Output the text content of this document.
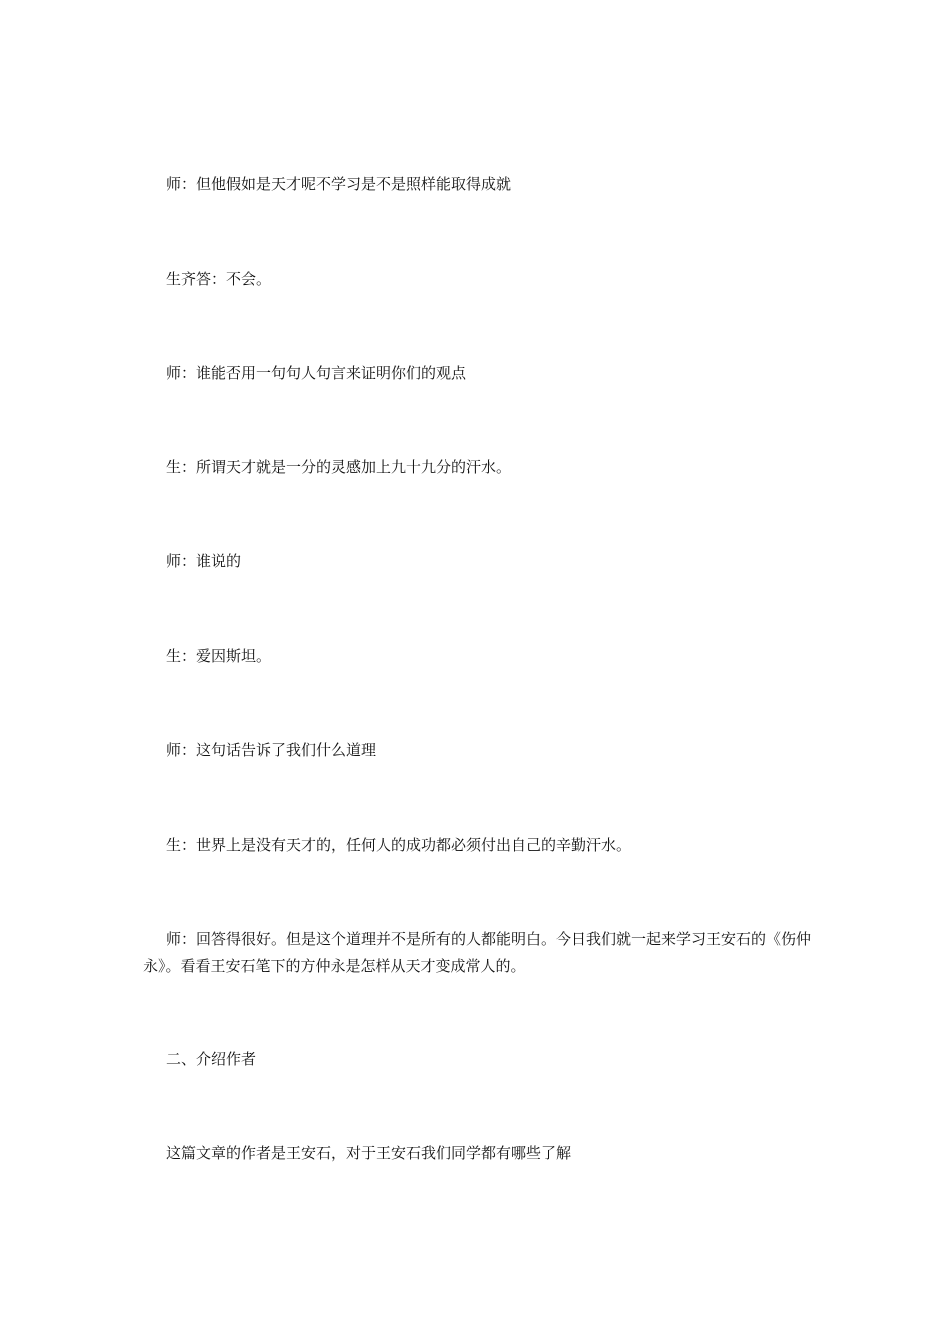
师：但他假如是天才呢不学习是不是照样能取得成就

生齐答：不会。

师：谁能否用一句句人句言来证明你们的观点

生：所谓天才就是一分的灵感加上九十九分的汗水。

师：谁说的

生：爱因斯坦。

师：这句话告诉了我们什么道理

生：世界上是没有天才的，任何人的成功都必须付出自己的辛勤汗水。

师：回答得很好。但是这个道理并不是所有的人都能明白。今日我们就一起来学习王安石的《伤仲永》。看看王安石笔下的方仲永是怎样从天才变成常人的。

二、介绍作者

这篇文章的作者是王安石，对于王安石我们同学都有哪些了解
